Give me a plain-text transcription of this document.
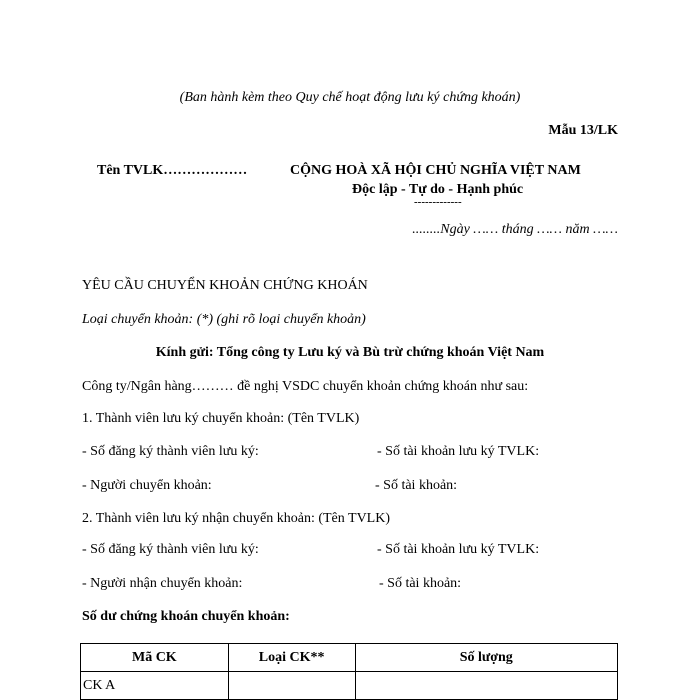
(Ban hành kèm theo Quy chế hoạt động lưu ký chứng khoán)
Mẫu 13/LK
Tên TVLK………………	CỘNG HOÀ XÃ HỘI CHỦ NGHĨA VIỆT NAM
Độc lập - Tự do - Hạnh phúc
-------------
........Ngày …… tháng …… năm ……
YÊU CẦU CHUYỂN KHOẢN CHỨNG KHOÁN
Loại chuyển khoản: (*) (ghi rõ loại chuyển khoản)
Kính gửi: Tổng công ty Lưu ký và Bù trừ chứng khoán Việt Nam
Công ty/Ngân hàng……… đề nghị VSDC chuyển khoản chứng khoán như sau:
1. Thành viên lưu ký chuyển khoản: (Tên TVLK)
- Số đăng ký thành viên lưu ký:	- Số tài khoản lưu ký TVLK:
- Người chuyển khoản:	- Số tài khoản:
2. Thành viên lưu ký nhận chuyển khoản: (Tên TVLK)
- Số đăng ký thành viên lưu ký:	- Số tài khoản lưu ký TVLK:
- Người nhận chuyển khoản:	- Số tài khoản:
Số dư chứng khoán chuyển khoản:
Mã CK	Loại CK**	Số lượng
CK A		
